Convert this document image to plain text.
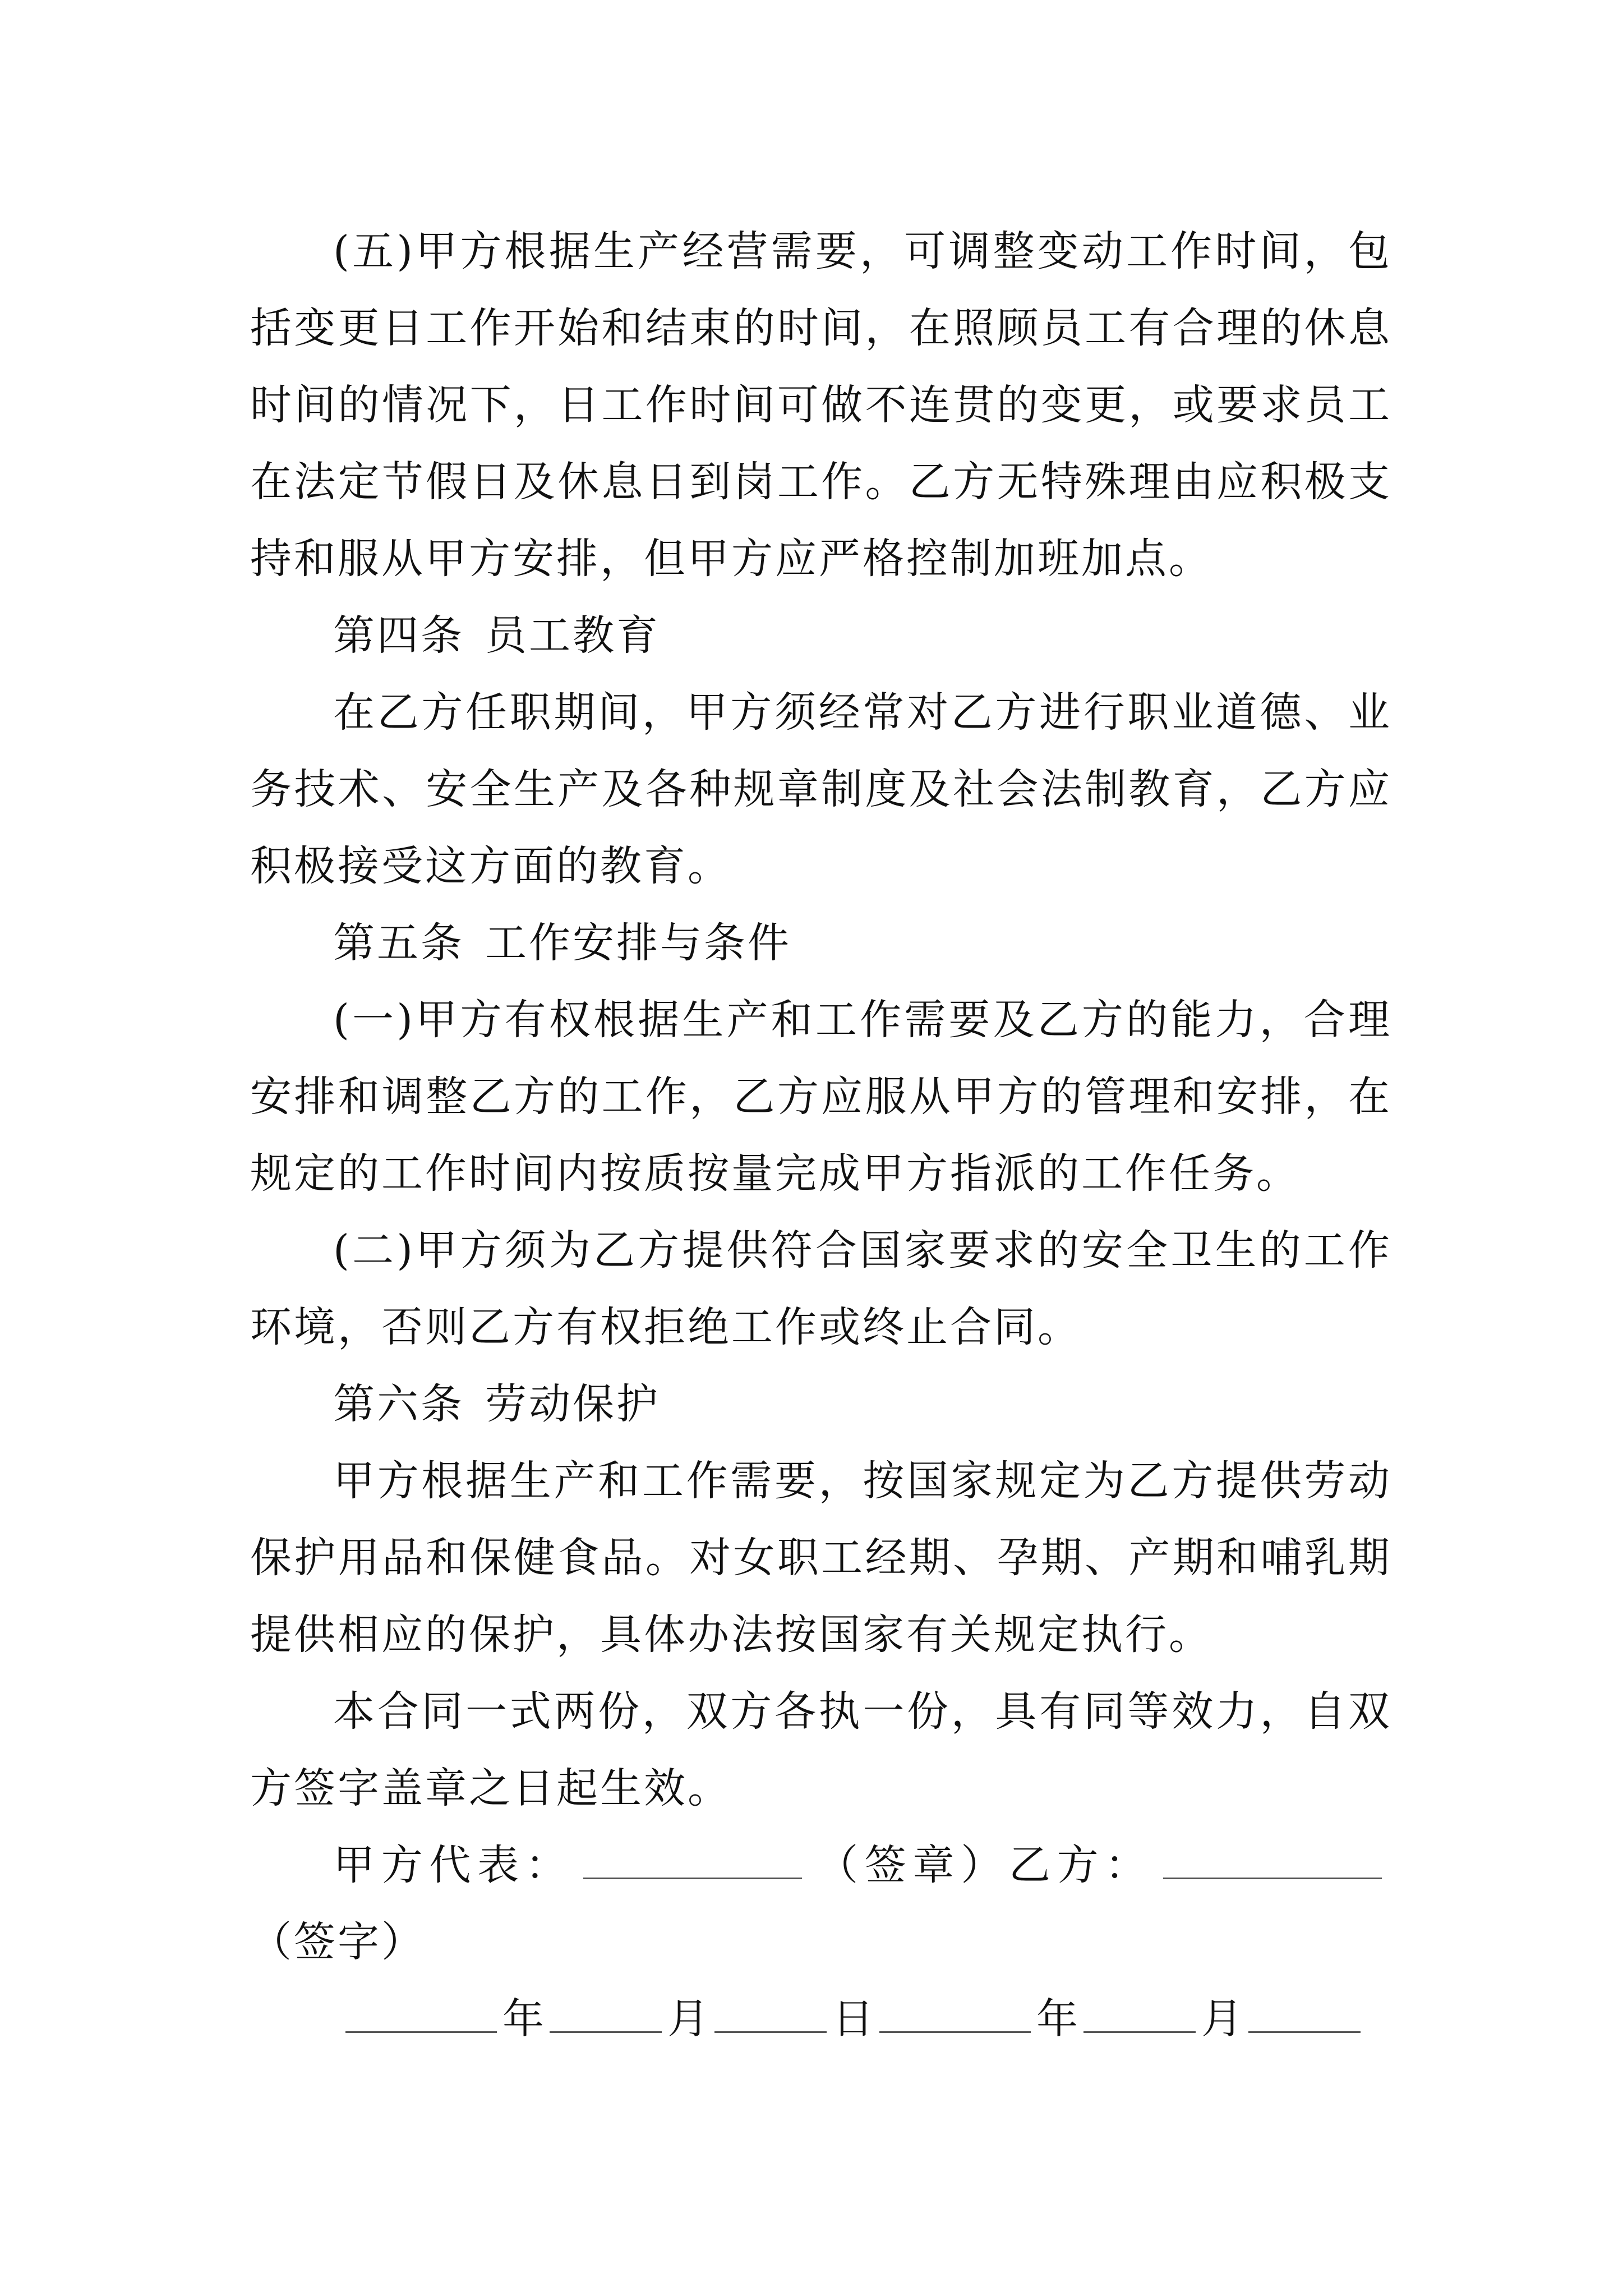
(五)甲方根据生产经营需要，可调整变动工作时间，包括变更日工作开始和结束的时间，在照顾员工有合理的休息时间的情况下，日工作时间可做不连贯的变更，或要求员工在法定节假日及休息日到岗工作。乙方无特殊理由应积极支持和服从甲方安排，但甲方应严格控制加班加点。

第四条 员工教育

在乙方任职期间，甲方须经常对乙方进行职业道德、业务技术、安全生产及各种规章制度及社会法制教育，乙方应积极接受这方面的教育。

第五条 工作安排与条件

(一)甲方有权根据生产和工作需要及乙方的能力，合理安排和调整乙方的工作，乙方应服从甲方的管理和安排，在规定的工作时间内按质按量完成甲方指派的工作任务。

(二)甲方须为乙方提供符合国家要求的安全卫生的工作环境，否则乙方有权拒绝工作或终止合同。

第六条 劳动保护

甲方根据生产和工作需要，按国家规定为乙方提供劳动保护用品和保健食品。对女职工经期、孕期、产期和哺乳期提供相应的保护，具体办法按国家有关规定执行。

本合同一式两份，双方各执一份，具有同等效力，自双方签字盖章之日起生效。

甲方代表：	（签章）乙方：（签字）

年	月	日	年	月
